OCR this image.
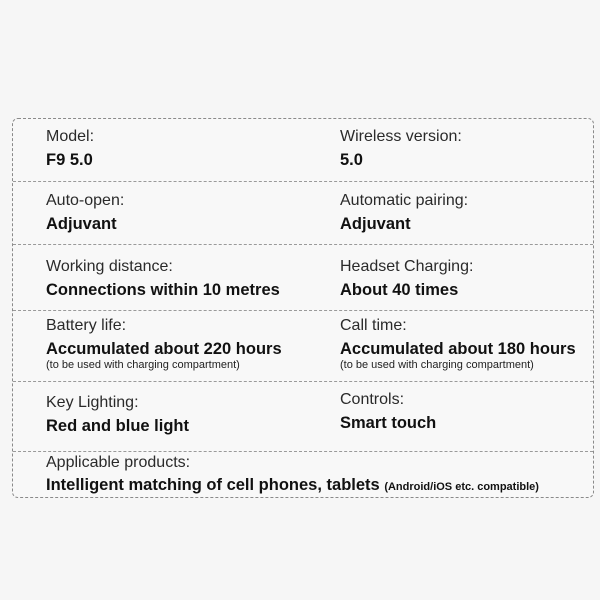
Model:
F9 5.0
Wireless version:
5.0
Auto-open:
Adjuvant
Automatic pairing:
Adjuvant
Working distance:
Connections within 10 metres
Headset Charging:
About 40 times
Battery life:
Accumulated about 220 hours
(to be used with charging compartment)
Call time:
Accumulated about 180 hours
(to be used with charging compartment)
Key Lighting:
Red and blue light
Controls:
Smart touch
Applicable products:
Intelligent matching of cell phones, tablets (Android/iOS etc. compatible)
